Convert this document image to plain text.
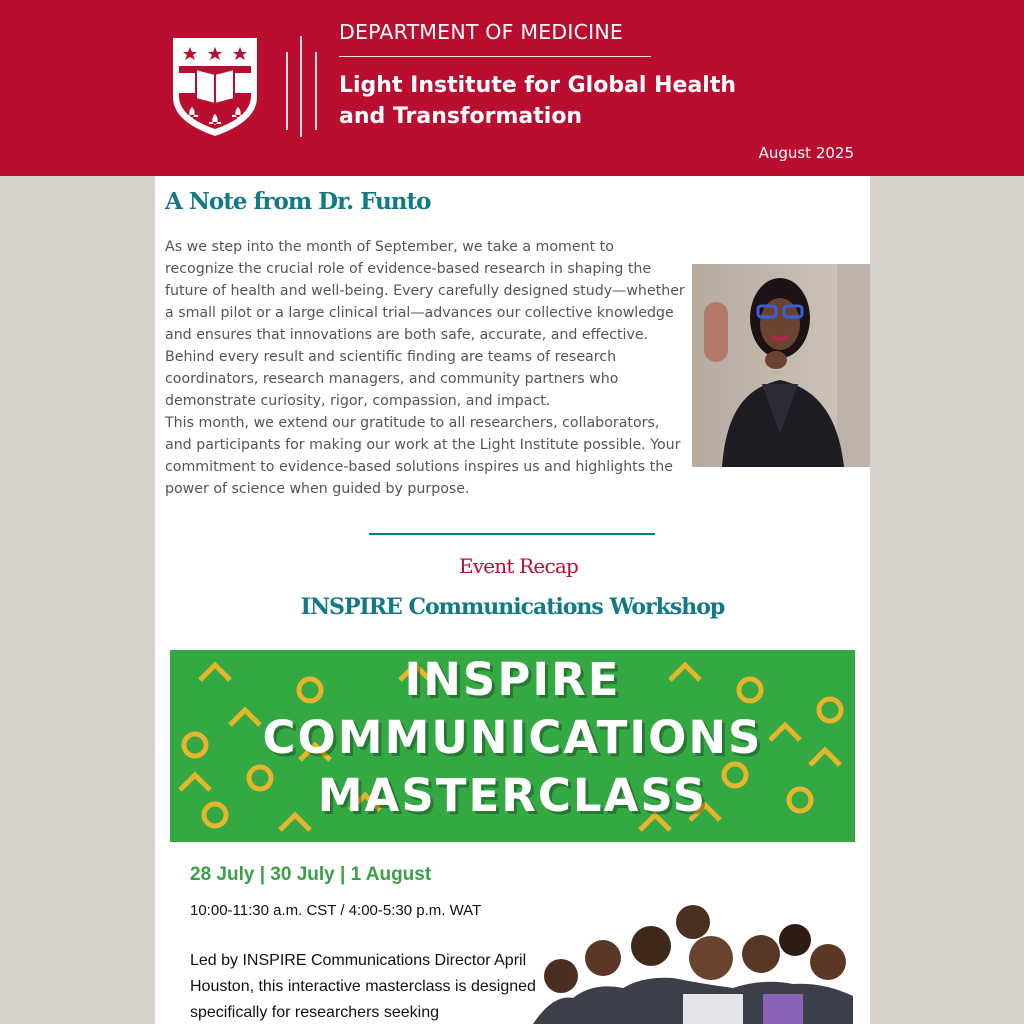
DEPARTMENT OF MEDICINE
Light Institute for Global Health and Transformation
August 2025
A Note from Dr. Funto

As we step into the month of September, we take a moment to recognize the crucial role of evidence-based research in shaping the future of health and well-being. Every carefully designed study—whether a small pilot or a large clinical trial—advances our collective knowledge and ensures that innovations are both safe, accurate, and effective. Behind every result and scientific finding are teams of research coordinators, research managers, and community partners who demonstrate curiosity, rigor, compassion, and impact.

This month, we extend our gratitude to all researchers, collaborators, and participants for making our work at the Light Institute possible. Your commitment to evidence-based solutions inspires us and highlights the power of science when guided by purpose.

Event Recap
INSPIRE Communications Workshop
INSPIRE
COMMUNICATIONS
MASTERCLASS
28 July | 30 July | 1 August
10:00-11:30 a.m. CST / 4:00-5:30 p.m. WAT
Led by INSPIRE Communications Director April Houston, this interactive masterclass is designed specifically for researchers seeking
